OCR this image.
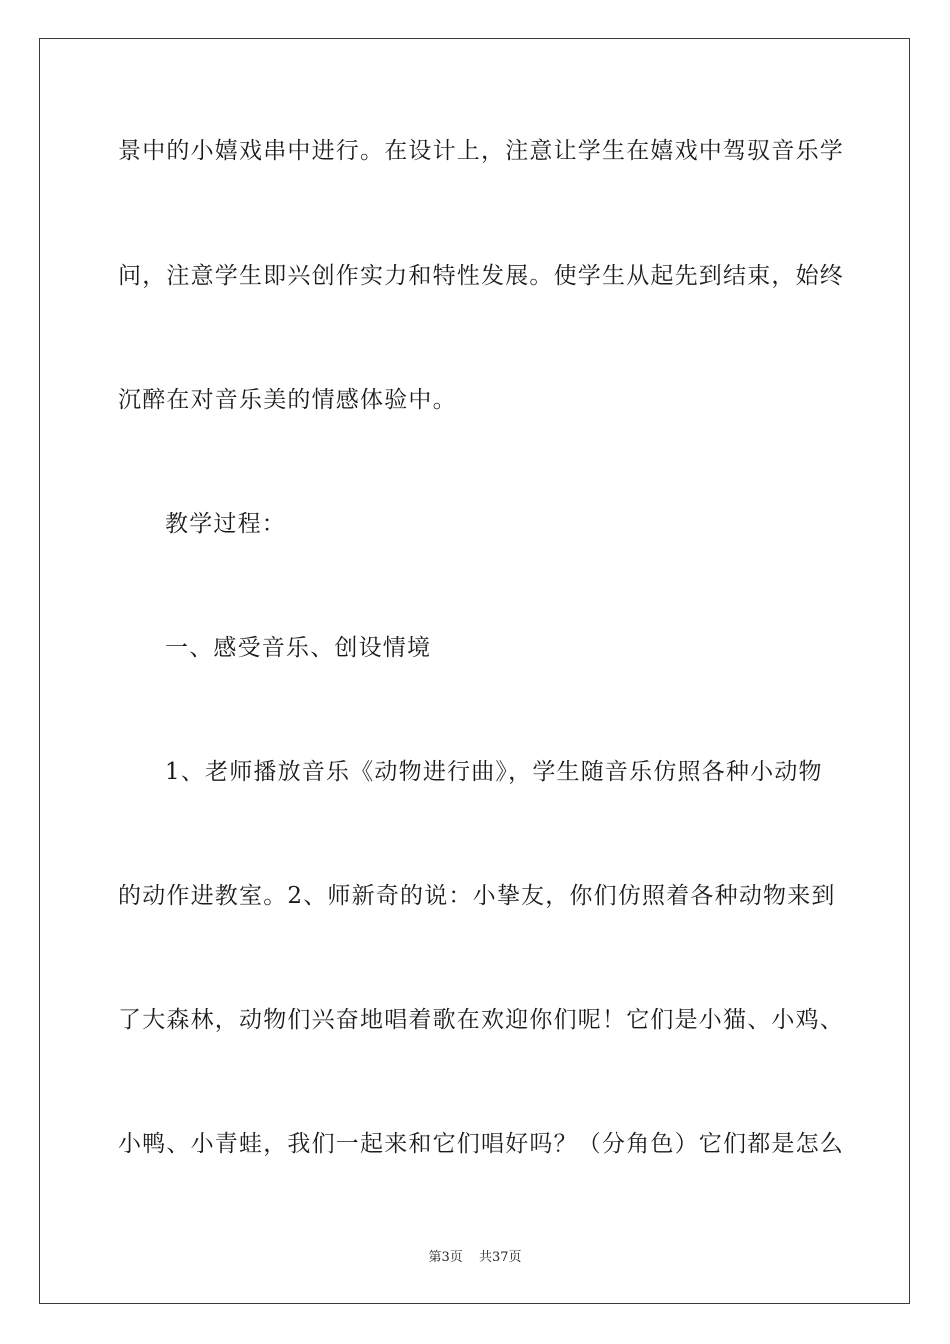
景中的小嬉戏串中进行。在设计上，注意让学生在嬉戏中驾驭音乐学
问，注意学生即兴创作实力和特性发展。使学生从起先到结束，始终
沉醉在对音乐美的情感体验中。
教学过程：
一、感受音乐、创设情境
1、老师播放音乐《动物进行曲》，学生随音乐仿照各种小动物
的动作进教室。2、师新奇的说：小挚友，你们仿照着各种动物来到
了大森林，动物们兴奋地唱着歌在欢迎你们呢！它们是小猫、小鸡、
小鸭、小青蛙，我们一起来和它们唱好吗？（分角色）它们都是怎么
第3页 共37页
